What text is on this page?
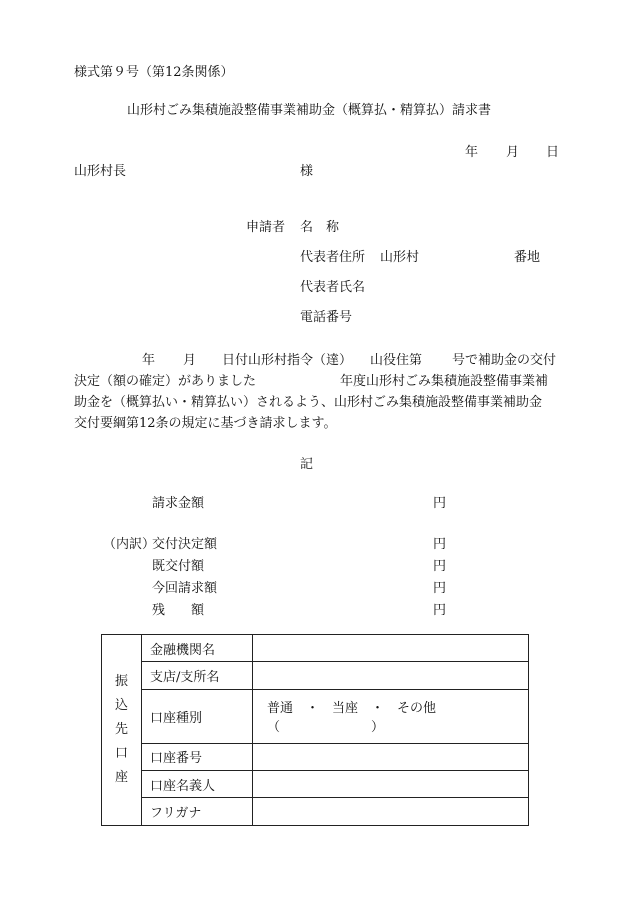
様式第９号（第12条関係）
山形村ごみ集積施設整備事業補助金（概算払・精算払）請求書
年 月 日
山形村長	様
申請者 名　称
代表者住所 山形村	番地
代表者氏名
電話番号
年 月 日付山形村指令（達） 山役住第 号で補助金の交付
決定（額の確定）がありました	年度山形村ごみ集積施設整備事業補
助金を（概算払い・精算払い）されるよう、山形村ごみ集積施設整備事業補助金
交付要綱第12条の規定に基づき請求します。
記
請求金額	円
（内訳）
交付決定額	円
既交付額	円
今回請求額	円
残　　額	円
振
込
先
口
座	金融機関名	
	支店/支所名	
	口座種別	普通　・　当座　・　その他（　　　　　　　）
	口座番号	
	口座名義人	
	フリガナ	
